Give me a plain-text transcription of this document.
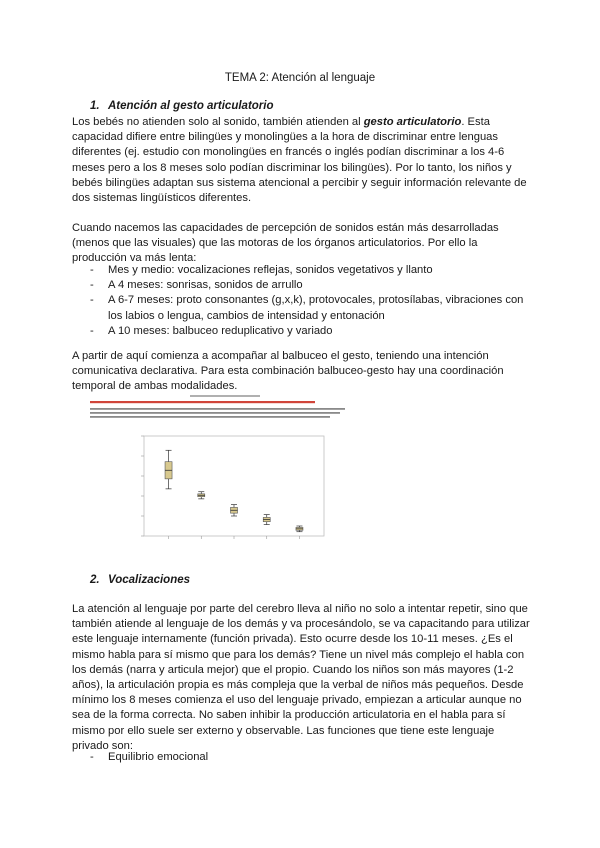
TEMA 2: Atención al lenguaje
1. Atención al gesto articulatorio
Los bebés no atienden solo al sonido, también atienden al gesto articulatorio. Esta capacidad difiere entre bilingües y monolingües a la hora de discriminar entre lenguas diferentes (ej. estudio con monolingües en francés o inglés podían discriminar a los 4-6 meses pero a los 8 meses solo podían discriminar los bilingües). Por lo tanto, los niños y bebés bilingües adaptan sus sistema atencional a percibir y seguir información relevante de dos sistemas lingüísticos diferentes.
Cuando nacemos las capacidades de percepción de sonidos están más desarrolladas (menos que las visuales) que las motoras de los órganos articulatorios. Por ello la producción va más lenta:
- Mes y medio: vocalizaciones reflejas, sonidos vegetativos y llanto
- A 4 meses: sonrisas, sonidos de arrullo
- A 6-7 meses: proto consonantes (g,x,k), protovocales, protosílabas, vibraciones con los labios o lengua, cambios de intensidad y entonación
- A 10 meses: balbuceo reduplicativo y variado
A partir de aquí comienza a acompañar al balbuceo el gesto, teniendo una intención comunicativa declarativa. Para esta combinación balbuceo-gesto hay una coordinación temporal de ambas modalidades.
2. Vocalizaciones
La atención al lenguaje por parte del cerebro lleva al niño no solo a intentar repetir, sino que también atiende al lenguaje de los demás y va procesándolo, se va capacitando para utilizar este lenguaje internamente (función privada). Esto ocurre desde los 10-11 meses. ¿Es el mismo habla para sí mismo que para los demás? Tiene un nivel más complejo el habla con los demás (narra y articula mejor) que el propio. Cuando los niños son más mayores (1-2 años), la articulación propia es más compleja que la verbal de niños más pequeños. Desde mínimo los 8 meses comienza el uso del lenguaje privado, empiezan a articular aunque no sea de la forma correcta. No saben inhibir la producción articulatoria en el habla para sí mismo por ello suele ser externo y observable. Las funciones que tiene este lenguaje privado son:
- Equilibrio emocional
